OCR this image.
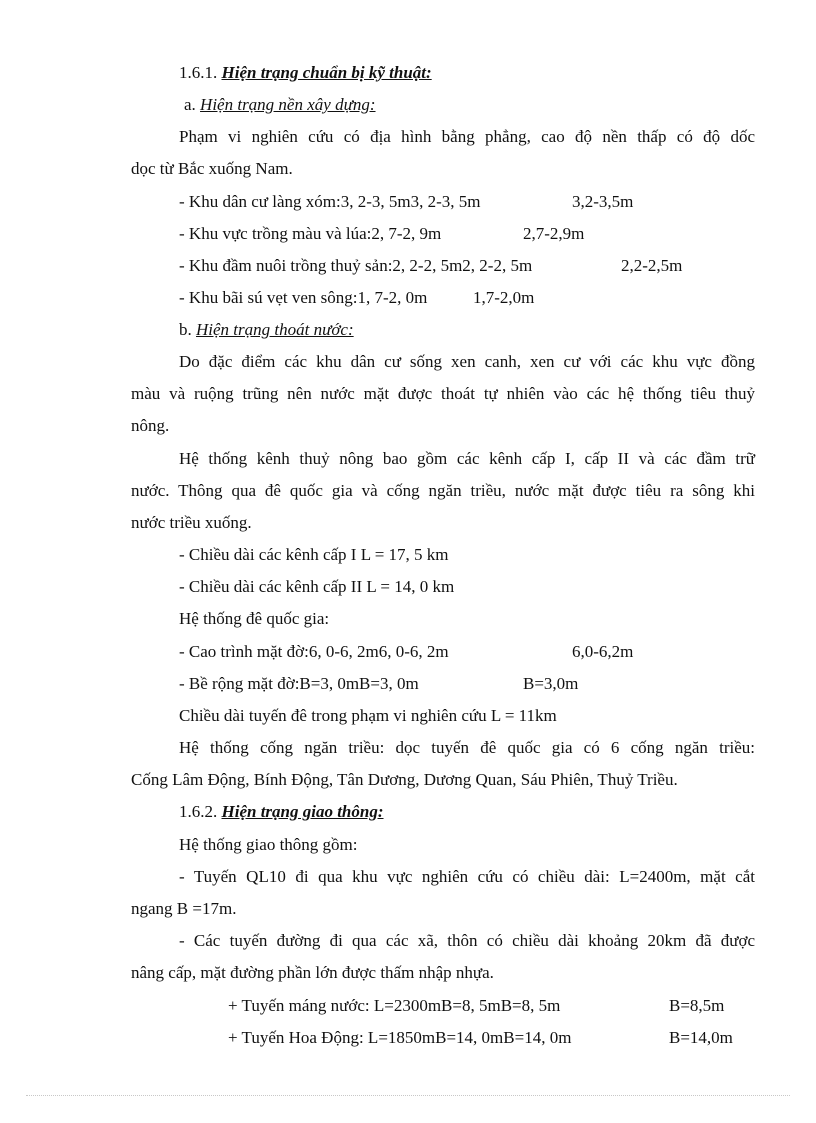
1.6.1. Hiện trạng chuẩn bị kỹ thuật:
a. Hiện trạng nền xây dựng:
Phạm vi nghiên cứu có địa hình bằng phẳng, cao độ nền thấp có độ dốc
dọc từ Bắc xuống Nam.
- Khu dân cư làng xóm:3, 2-3, 5m3, 2-3, 5m	3,2-3,5m
- Khu vực trồng màu và lúa:2, 7-2, 9m	2,7-2,9m
- Khu đầm nuôi trồng thuỷ sản:2, 2-2, 5m2, 2-2, 5m	2,2-2,5m
- Khu bãi sú vẹt ven sông:1, 7-2, 0m	1,7-2,0m
b. Hiện trạng thoát nước:
Do đặc điểm các khu dân cư sống xen canh, xen cư với các khu vực đồng
màu và ruộng trũng nên nước mặt được thoát tự nhiên vào các hệ thống tiêu thuỷ
nông.
Hệ thống kênh thuỷ nông bao gồm các kênh cấp I, cấp II và các đầm trữ
nước. Thông qua đê quốc gia và cống ngăn triều, nước mặt được tiêu ra sông khi
nước triều xuống.
- Chiều dài các kênh cấp I L = 17, 5 km
- Chiều dài các kênh cấp II L = 14, 0 km
Hệ thống đê quốc gia:
- Cao trình mặt đờ:6, 0-6, 2m6, 0-6, 2m	6,0-6,2m
- Bề rộng mặt đờ:B=3, 0mB=3, 0m	B=3,0m
Chiều dài tuyến đê trong phạm vi nghiên cứu L = 11km
Hệ thống cống ngăn triều: dọc tuyến đê quốc gia có 6 cống ngăn triều:
Cống Lâm Động, Bính Động, Tân Dương, Dương Quan, Sáu Phiên, Thuỷ Triều.
1.6.2. Hiện trạng giao thông:
Hệ thống giao thông gồm:
- Tuyến QL10 đi qua khu vực nghiên cứu có chiều dài: L=2400m, mặt cắt
ngang B =17m.
- Các tuyến đường đi qua các xã, thôn có chiều dài khoảng 20km đã được
nâng cấp, mặt đường phần lớn được thấm nhập nhựa.
+ Tuyến máng nước: L=2300mB=8, 5mB=8, 5m	B=8,5m
+ Tuyến Hoa Động: L=1850mB=14, 0mB=14, 0m	B=14,0m
